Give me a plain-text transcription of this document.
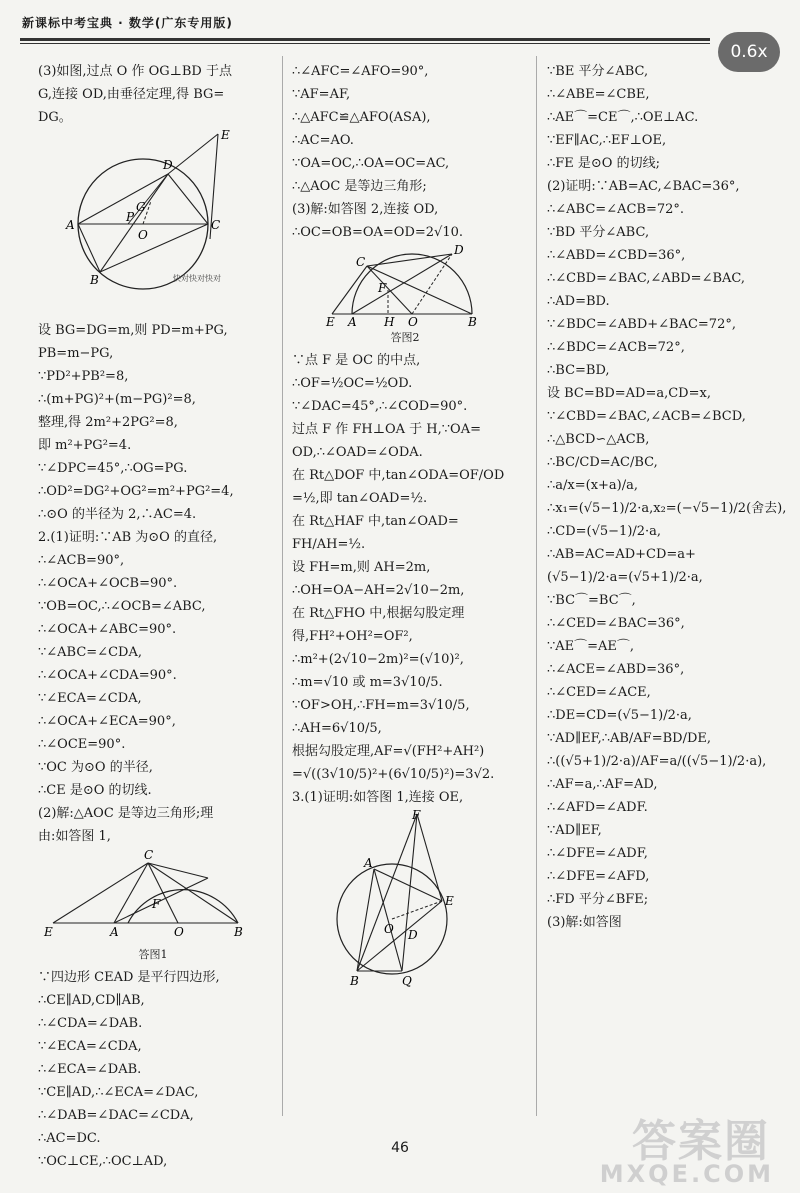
新课标中考宝典 · 数学(广东专用版)
0.6x
(3)如图,过点 O 作 OG⊥BD 于点
G,连接 OD,由垂径定理,得 BG=
DG。
E
D
G
P
A
O
B
C
快对快对快对
设 BG=DG=m,则 PD=m+PG,
PB=m−PG,
∵PD²+PB²=8,
∴(m+PG)²+(m−PG)²=8,
整理,得 2m²+2PG²=8,
即 m²+PG²=4.
∵∠DPC=45°,∴OG=PG.
∴OD²=DG²+OG²=m²+PG²=4,
∴⊙O 的半径为 2,∴AC=4.
2.(1)证明:∵AB 为⊙O 的直径,
∴∠ACB=90°,
∴∠OCA+∠OCB=90°.
∵OB=OC,∴∠OCB=∠ABC,
∴∠OCA+∠ABC=90°.
∵∠ABC=∠CDA,
∴∠OCA+∠CDA=90°.
∵∠ECA=∠CDA,
∴∠OCA+∠ECA=90°,
∴∠OCE=90°.
∵OC 为⊙O 的半径,
∴CE 是⊙O 的切线.
(2)解:△AOC 是等边三角形;理
由:如答图 1,
C
E	A
F
O	B
答图1
∵四边形 CEAD 是平行四边形,
∴CE∥AD,CD∥AB,
∴∠CDA=∠DAB.
∵∠ECA=∠CDA,
∴∠ECA=∠DAB.
∵CE∥AD,∴∠ECA=∠DAC,
∴∠DAB=∠DAC=∠CDA,
∴AC=DC.
∵OC⊥CE,∴OC⊥AD,
∴∠AFC=∠AFO=90°,
∵AF=AF,
∴△AFC≌△AFO(ASA),
∴AC=AO.
∵OA=OC,∴OA=OC=AC,
∴△AOC 是等边三角形;
(3)解:如答图 2,连接 OD,
∴OC=OB=OA=OD=2√10.
D
C
F
E A H O	B
答图2
∵点 F 是 OC 的中点,
∴OF=½OC=½OD.
∵∠DAC=45°,∴∠COD=90°.
过点 F 作 FH⊥OA 于 H,∵OA=
OD,∴∠OAD=∠ODA.
在 Rt△DOF 中,tan∠ODA=OF/OD
=½,即 tan∠OAD=½.
在 Rt△HAF 中,tan∠OAD=
FH/AH=½.
设 FH=m,则 AH=2m,
∴OH=OA−AH=2√10−2m,
在 Rt△FHO 中,根据勾股定理
得,FH²+OH²=OF²,
∴m²+(2√10−2m)²=(√10)²,
∴m=√10 或 m=3√10/5.
∵OF>OH,∴FH=m=3√10/5,
∴AH=6√10/5,
根据勾股定理,AF=√(FH²+AH²)
=√((3√10/5)²+(6√10/5)²)=3√2.
3.(1)证明:如答图 1,连接 OE,
F
A
E
O D
B	Q
∵BE 平分∠ABC,
∴∠ABE=∠CBE,
∴AE⌒=CE⌒,∴OE⊥AC.
∵EF∥AC,∴EF⊥OE,
∴FE 是⊙O 的切线;
(2)证明:∵AB=AC,∠BAC=36°,
∴∠ABC=∠ACB=72°.
∵BD 平分∠ABC,
∴∠ABD=∠CBD=36°,
∴∠CBD=∠BAC,∠ABD=∠BAC,
∴AD=BD.
∵∠BDC=∠ABD+∠BAC=72°,
∴∠BDC=∠ACB=72°,
∴BC=BD,
设 BC=BD=AD=a,CD=x,
∵∠CBD=∠BAC,∠ACB=∠BCD,
∴△BCD∽△ACB,
∴BC/CD=AC/BC,
∴a/x=(x+a)/a,
∴x₁=(√5−1)/2·a,x₂=(−√5−1)/2(舍去),
∴CD=(√5−1)/2·a,
∴AB=AC=AD+CD=a+
(√5−1)/2·a=(√5+1)/2·a,
∵BC⌒=BC⌒,
∴∠CED=∠BAC=36°,
∵AE⌒=AE⌒,
∴∠ACE=∠ABD=36°,
∴∠CED=∠ACE,
∴DE=CD=(√5−1)/2·a,
∵AD∥EF,∴AB/AF=BD/DE,
∴((√5+1)/2·a)/AF=a/((√5−1)/2·a),
∴AF=a,∴AF=AD,
∴∠AFD=∠ADF.
∵AD∥EF,
∴∠DFE=∠ADF,
∴∠DFE=∠AFD,
∴FD 平分∠BFE;
(3)解:如答图
答案圈
MXQE.COM
46
